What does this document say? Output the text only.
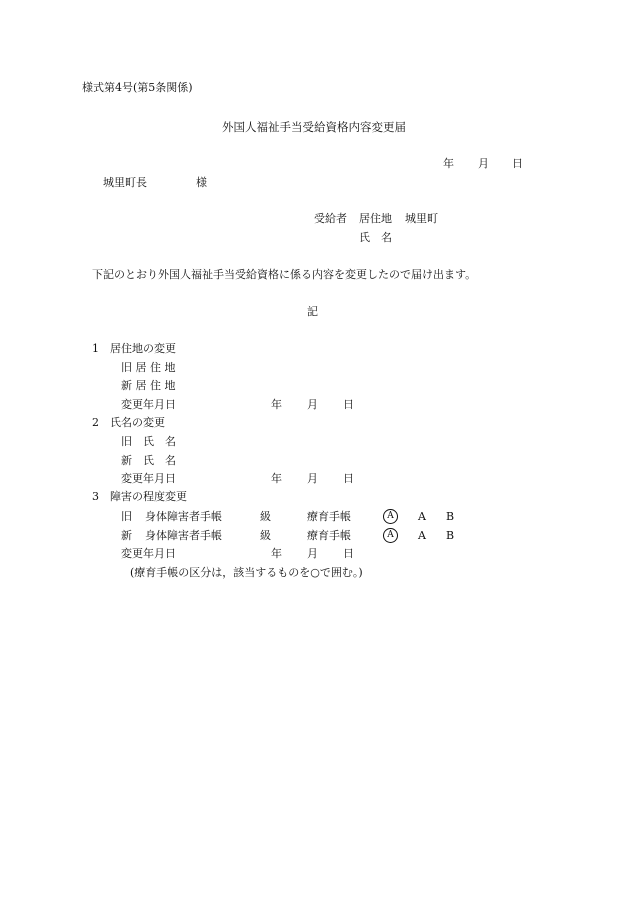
様式第4号(第5条関係)
外国人福祉手当受給資格内容変更届
年 月 日
城里町長	様
受給者 居住地 城里町
氏　名
下記のとおり外国人福祉手当受給資格に係る内容を変更したので届け出ます。
記
1　居住地の変更
旧 居 住 地
新 居 住 地
変更年月日	年 月 日
2　氏名の変更
旧　氏　名
新　氏　名
変更年月日	年 月 日
3　障害の程度変更
旧 身体障害者手帳	級	療育手帳	A	A B
新 身体障害者手帳	級	療育手帳	A	A B
変更年月日	年 月 日
(療育手帳の区分は，該当するものを○で囲む。)
